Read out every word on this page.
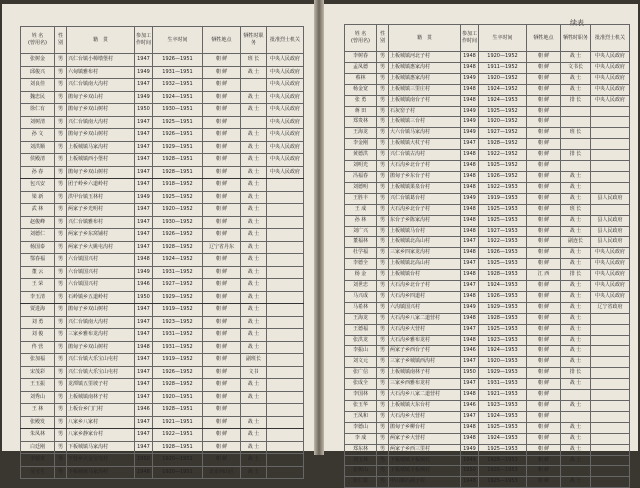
姓 名
(曾用名)	性别	籍　贯	参加工作时间	生卒时间	牺牲地点	牺牲时职务	批准烈士机关
张树金	男	兴仁台镇小樟墩堡村	1947	1926—1951	朝 鲜	班 长	中央人民政府
邱俊兴	男	六甸镇雅布村	1949	1931—1951	朝 鲜	战 士	中央人民政府
刘良佳	男	兴仁台镇南大沟村	1947	1932—1951	朝 鲜		中央人民政府
魏忠民	男	鹃甸子乡双山村	1949	1924—1951	朝 鲜	战 士	中央人民政府
徐仁有	男	鹃甸子乡双山树村	1950	1930—1951	朝 鲜	战 士	中央人民政府
刘树清	男	兴仁台镇南大沟村	1947	1925—1951	朝 鲜		中央人民政府
孙 文	男	鹃甸子乡双山树村	1947	1926—1951	朝 鲜	战 士	中央人民政府
刘洪顺	男	上板城镇马家沟村	1947	1929—1951	朝 鲜	战 士	中央人民政府
侯殿清	男	上板城镇西小堡村	1947	1928—1951	朝 鲜	战 士	中央人民政府
孙 春	男	鹃甸子乡双山树村	1947	1928—1951	朝 鲜	战 士	中央人民政府
包兴安	男	团子岭乡六道岭村	1947	1918—1952	朝 鲜	战 士	
梁 新	男	洪甲台镇玉林村	1949	1925—1952	朝 鲜	战 士	
武 林	男	两家子乡光明村	1947	1920—1952	朝 鲜	战 士	
赵俊峰	男	兴仁台镇雅布村	1947	1930—1952	朝 鲜	战 士	
刘德仁	男	两家子乡东窝铺村	1947	1926—1952	朝 鲜	战 士	
杨国泰	男	两家子乡大姚屯沟村	1947	1928—1952	辽宁省丹东	战 士	
鄂春福	男	六台镇国兴村	1948	1924—1952	朝 鲜	战 士	
董 云	男	六台镇国兴村	1949	1931—1952	朝 鲜	战 士	
王 荣	男	六台镇国兴村	1946	1927—1952	朝 鲜	战 士	
李玉清	男	石岭镇乡五道岭村	1950	1929—1952	朝 鲜	战 士	
贾进海	男	鹃甸子乡双山树村	1947	1919—1952	朝 鲜	战 士	
刘 勇	男	兴仁台镇南大沟村	1947	1923—1952	朝 鲜	战 士	
刘 俊	男	三家乡雅布龙沟村	1947	1931—1952	朝 鲜	战 士	
佟 营	男	鹃甸子乡双山树村	1948	1931—1952	朝 鲜	战 士	
张加福	男	兴仁台镇大乐宝山屯村	1947	1919—1952	朝 鲜	副班长	
宋茂彩	男	兴仁台镇大乐宝山屯村	1947	1926—1952	朝 鲜	文书	
王玉振	男	龙潭镇五里坡子村	1947	1928—1952	朝 鲜	战 士	
刘秀山	男	上板城镇南林子村	1947	1920—1951	朝 鲜	战 士	
王 林	男	上板台乡门门村	1946	1928—1951	朝 鲜		
张殿发	男	八家乡八家村	1947	1921—1951	朝 鲜	战 士	
朱凤林	男	八家乡静家台村	1947	1922—1951	朝 鲜	战 士	
白廷刚	男	下板城镇马家沟村	1947	1928—1951	朝 鲜	战 士	
李德贵	男	下营乡大金宝屯村	1950	1920—1951	朝 鲜	战 士	
吴宝生	男	下板城镇马家沟村	1948	1920—1951	北京西山区	战 士	
续表
姓 名
(曾用名)	性别	籍　贯	参加工作时间	生卒时间	牺牲地点	牺牲时职务	批准烈士机关
李树春	男	上板城镇河北子村	1948	1920—1952	朝 鲜	战 士	中央人民政府
孟凤德	男	上板城镇惠家沟村	1948	1911—1952	朝 鲜	文书长	中央人民政府
蔡林	男	上板城镇惠家沟村	1949	1920—1952	朝 鲜	战 士	中央人民政府
杨金宽	男	上板城镇三里庄村	1948	1924—1952	朝 鲜	战 士	中央人民政府
张 勇	男	上板城镇南台子村	1948	1924—1953	朝 鲜	排 长	中央人民政府
蒋 田	男	石灰窑子村	1949	1925—1952	朝 鲜		
郑贵林	男	上板城镇三台村	1949	1920—1952	朝 鲜		
王海龙	男	大六台镇马家沟村	1949	1927—1952	朝 鲜	班 长	
李金刚	男	上板城镇大杖子村	1947	1928—1952	朝 鲜		
黄德洪	男	兴仁台镇古沟村	1948	1922—1952	朝 鲜	排 长	
刘明光	男	大石沟乡北台子村	1948	1925—1952	朝 鲜		
冯福春	男	鹃甸子乡东台子村	1948	1926—1952	朝 鲜	战 士	
刘德明	男	上板城镇果泉台村	1948	1922—1953	朝 鲜	战 士	
王胜丰	男	兴仁台镇葛台村	1949	1919—1953	朝 鲜	战 士	县人民政府
王 成	男	大石沟乡北台子村	1948	1925—1953	朝 鲜	班 长	
孙 林	男	东台子乡陈家沟村	1948	1925—1953	朝 鲜	战 士	县人民政府
刘广兴	男	上板城镇马台村	1948	1927—1953	朝 鲜	战 士	县人民政府
董福林	男	上板城镇北高山村	1947	1922—1953	朝 鲜	副连长	县人民政府
杜学福	男	三家乡四家龙沟村	1948	1926—1953	朝 鲜	战 士	中央人民政府
李德全	男	上板城镇北高山村	1947	1925—1953	朝 鲜	战 士	中央人民政府
杨 金	男	上板城镇台村	1948	1928—1953	江 西	排 长	中央人民政府
刘世忠	男	大石沟乡北台子村	1947	1924—1953	朝 鲜	战 士	中央人民政府
马兴成	男	大石沟乡四道村	1948	1926—1953	朝 鲜	战 士	中央人民政府
马希林	男	六沟镇国兴村	1949	1929—1953	朝 鲜	战 士	辽宁省政府
王海龙	男	大石沟乡八家二道营村	1948	1928—1953	朝 鲜	战 士	
王德福	男	大石沟乡大营村	1947	1925—1953	朝 鲜	战 士	
张洪龙	男	大石沟乡雅布龙村	1948	1923—1953	朝 鲜	战 士	
李振山	男	两家子乡西台子村	1946	1924—1953	朝 鲜	战 士	
刘文元	男	三家子乡城镇西沟村	1947	1920—1953	朝 鲜	战 士	
张广信	男	上板城镇南林子村	1950	1929—1953	朝 鲜	排 长	
张成全	男	三家乡西雅布龙村	1947	1931—1953	朝 鲜	战 士	
李国林	男	大石沟乡八家二道营村	1948	1921—1953	朝 鲜		
张玉华	男	上板城镇大东台村	1946	1923—1953	朝 鲜	战 士	
王凤和	男	大石沟乡大营村	1947	1924—1953	朝 鲜		
李德山	男	鹃甸子乡柳台村	1948	1925—1953	朝 鲜	战 士	
李 成	男	两家子乡大营村	1948	1924—1953	朝 鲜	战 士	
郑东林	男	两家子乡西三里村	1949	1925—1953	朝 鲜	战 士	
刘玉林	男	下板城镇下板城村	1949	1928—1953	朝 鲜	战 士	
张树山	男	下板城镇下板城村	1950	1926—1953	朝 鲜		
张仁富	男	甲山镇石洞子村	1948	1925—1953	朝 鲜	战 士	
